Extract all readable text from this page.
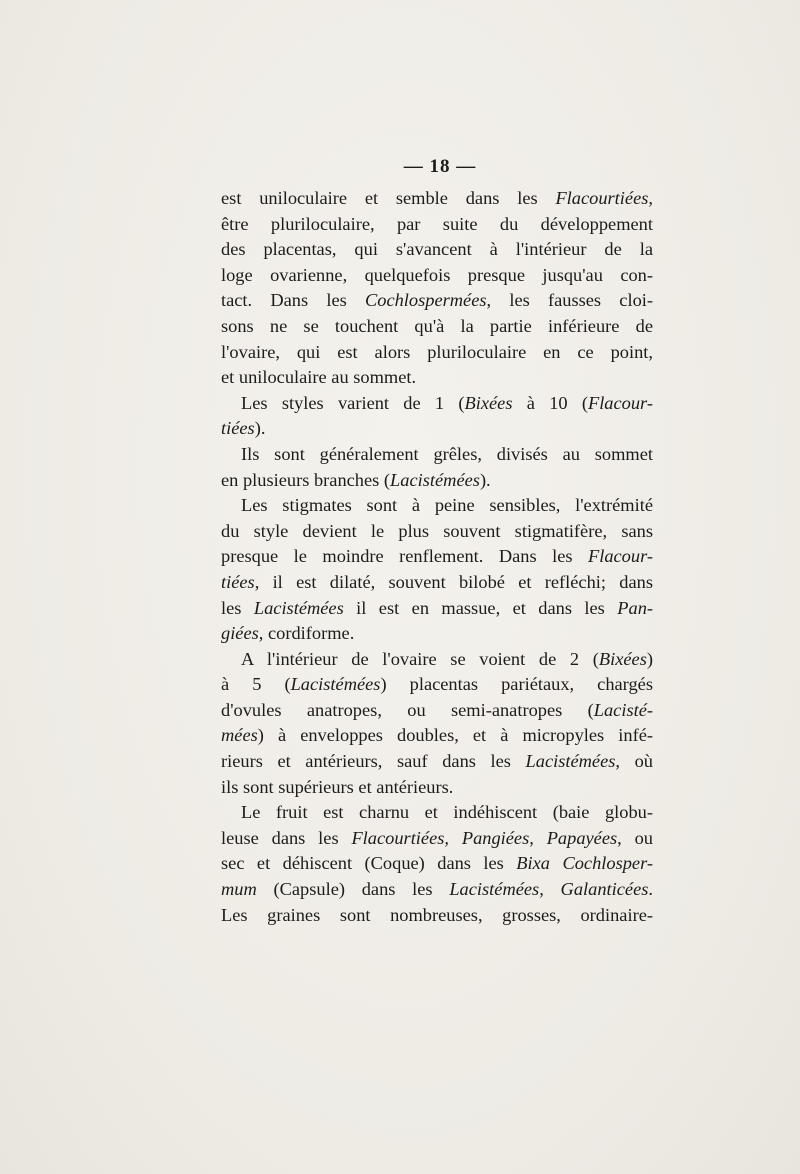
— 18 —
est uniloculaire et semble dans les Flacourtiées,
être pluriloculaire, par suite du développement
des placentas, qui s'avancent à l'intérieur de la
loge ovarienne, quelquefois presque jusqu'au con-
tact. Dans les Cochlospermées, les fausses cloi-
sons ne se touchent qu'à la partie inférieure de
l'ovaire, qui est alors pluriloculaire en ce point,
et uniloculaire au sommet.
Les styles varient de 1 (Bixées à 10 (Flacour-
tiées).
Ils sont généralement grêles, divisés au sommet
en plusieurs branches (Lacistémées).
Les stigmates sont à peine sensibles, l'extrémité
du style devient le plus souvent stigmatifère, sans
presque le moindre renflement. Dans les Flacour-
tiées, il est dilaté, souvent bilobé et refléchi; dans
les Lacistémées il est en massue, et dans les Pan-
giées, cordiforme.
A l'intérieur de l'ovaire se voient de 2 (Bixées)
à 5 (Lacistémées) placentas pariétaux, chargés
d'ovules anatropes, ou semi-anatropes (Lacisté-
mées) à enveloppes doubles, et à micropyles infé-
rieurs et antérieurs, sauf dans les Lacistémées, où
ils sont supérieurs et antérieurs.
Le fruit est charnu et indéhiscent (baie globu-
leuse dans les Flacourtiées, Pangiées, Papayées, ou
sec et déhiscent (Coque) dans les Bixa Cochlosper-
mum (Capsule) dans les Lacistémées, Galanticées.
Les graines sont nombreuses, grosses, ordinaire-
